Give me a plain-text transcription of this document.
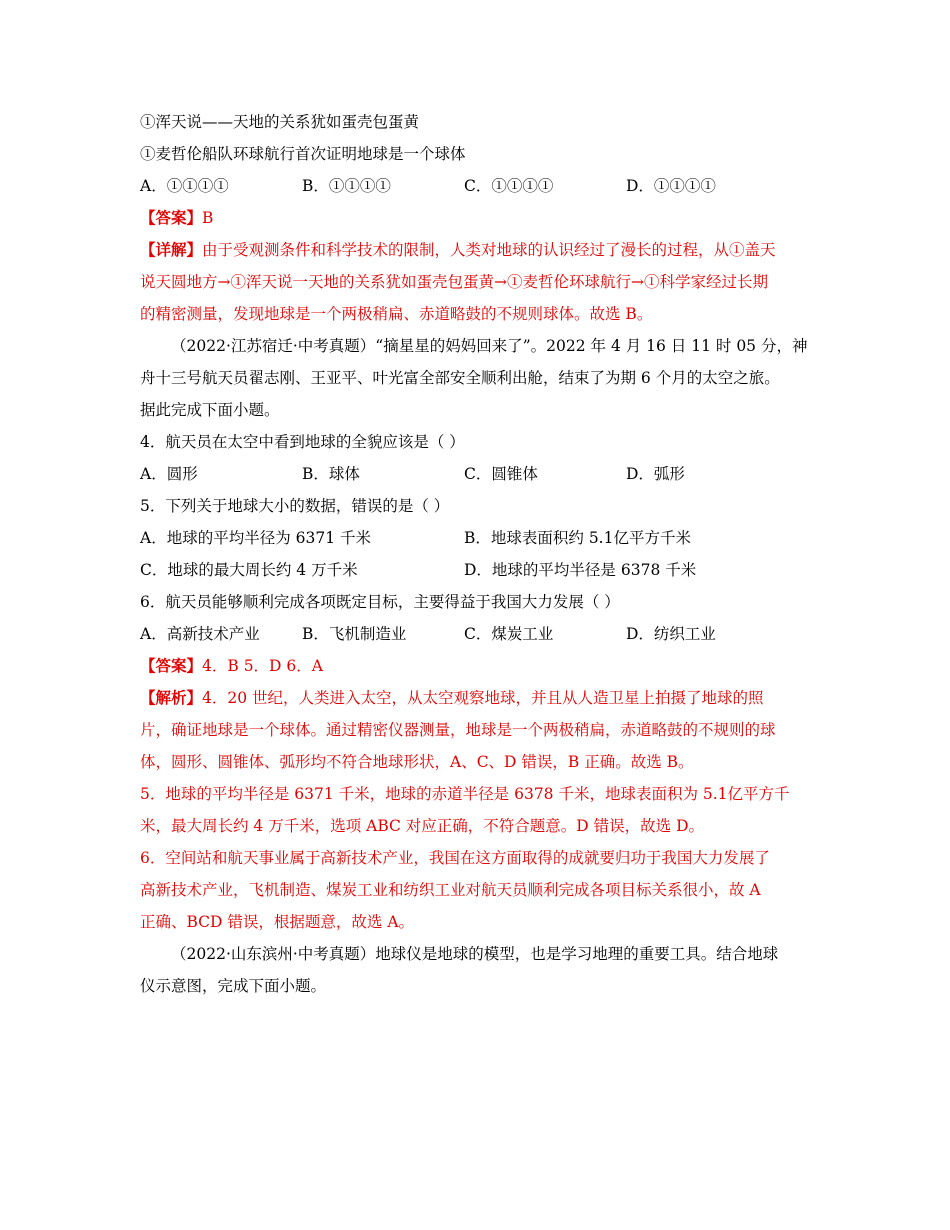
①浑天说——天地的关系犹如蛋壳包蛋黄
①麦哲伦船队环球航行首次证明地球是一个球体
A．①①①①	B．①①①①	C．①①①①	D．①①①①
【答案】B
【详解】由于受观测条件和科学技术的限制，人类对地球的认识经过了漫长的过程，从①盖天
说天圆地方→①浑天说一天地的关系犹如蛋壳包蛋黄→①麦哲伦环球航行→①科学家经过长期
的精密测量，发现地球是一个两极稍扁、赤道略鼓的不规则球体。故选 B。
（2022·江苏宿迁·中考真题）“摘星星的妈妈回来了”。2022 年 4 月 16 日 11 时 05 分，神
舟十三号航天员翟志刚、王亚平、叶光富全部安全顺利出舱，结束了为期 6 个月的太空之旅。
据此完成下面小题。
4．航天员在太空中看到地球的全貌应该是（ ）
A．圆形	B．球体	C．圆锥体	D．弧形
5．下列关于地球大小的数据，错误的是（ ）
A．地球的平均半径为 6371 千米	B．地球表面积约 5.1亿平方千米
C．地球的最大周长约 4 万千米	D．地球的平均半径是 6378 千米
6．航天员能够顺利完成各项既定目标，主要得益于我国大力发展（ ）
A．高新技术产业	B．飞机制造业	C．煤炭工业	D．纺织工业
【答案】4．B 5．D 6．A
【解析】4．20 世纪，人类进入太空，从太空观察地球，并且从人造卫星上拍摄了地球的照
片，确证地球是一个球体。通过精密仪器测量，地球是一个两极稍扁，赤道略鼓的不规则的球
体，圆形、圆锥体、弧形均不符合地球形状，A、C、D 错误，B 正确。故选 B。
5．地球的平均半径是 6371 千米，地球的赤道半径是 6378 千米，地球表面积为 5.1亿平方千
米，最大周长约 4 万千米，选项 ABC 对应正确，不符合题意。D 错误，故选 D。
6．空间站和航天事业属于高新技术产业，我国在这方面取得的成就要归功于我国大力发展了
高新技术产业，飞机制造、煤炭工业和纺织工业对航天员顺利完成各项目标关系很小，故 A
正确、BCD 错误，根据题意，故选 A。
（2022·山东滨州·中考真题）地球仪是地球的模型，也是学习地理的重要工具。结合地球
仪示意图，完成下面小题。
